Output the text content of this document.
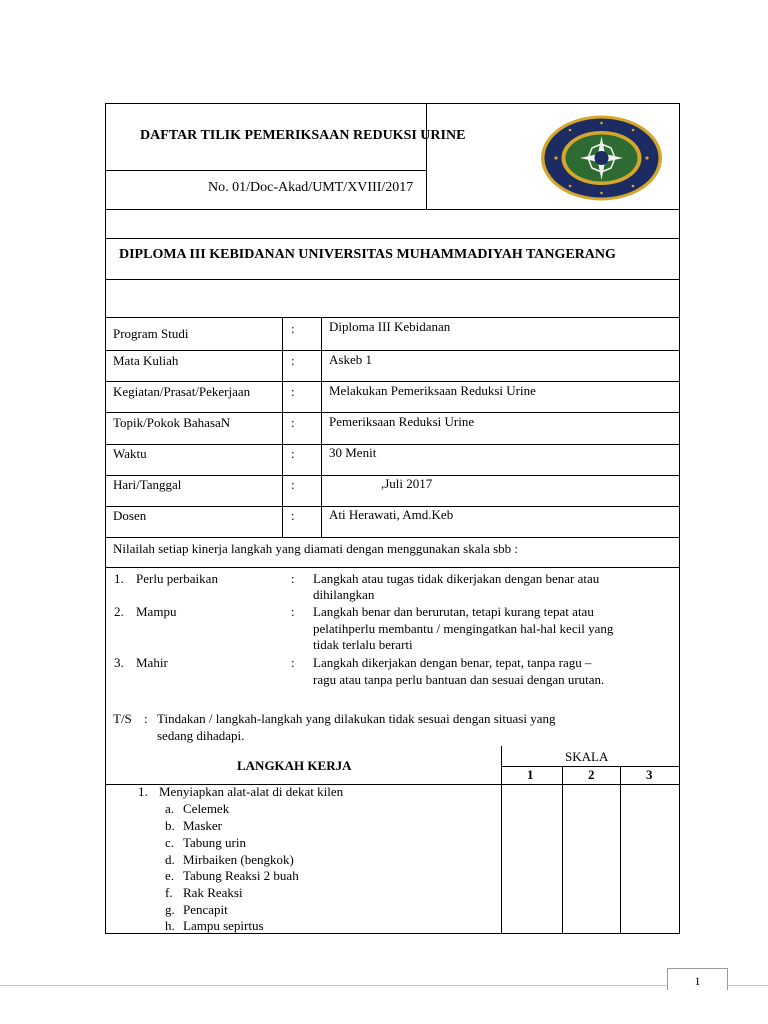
DAFTAR TILIK PEMERIKSAAN REDUKSI URINE
No. 01/Doc-Akad/UMT/XVIII/2017
DIPLOMA III KEBIDANAN UNIVERSITAS MUHAMMADIYAH TANGERANG
Program Studi	:	Diploma III Kebidanan
Mata Kuliah	:	Askeb 1
Kegiatan/Prasat/Pekerjaan	:	Melakukan Pemeriksaan Reduksi Urine
Topik/Pokok BahasaN	:	Pemeriksaan Reduksi Urine
Waktu	:	30 Menit
Hari/Tanggal	:	,Juli 2017
Dosen	:	Ati Herawati, Amd.Keb
Nilailah setiap kinerja langkah yang diamati dengan menggunakan skala sbb :
1. Perlu perbaikan	: Langkah atau tugas tidak dikerjakan dengan benar atau
dihilangkan
2. Mampu	: Langkah benar dan berurutan, tetapi kurang tepat atau
pelatihperlu membantu / mengingatkan hal-hal kecil yang
tidak terlalu berarti
3. Mahir	: Langkah dikerjakan dengan benar, tepat, tanpa ragu –
ragu atau tanpa perlu bantuan dan sesuai dengan urutan.
T/S : Tindakan / langkah-langkah yang dilakukan tidak sesuai dengan situasi yang
sedang dihadapi.
LANGKAH KERJA
SKALA
1	2	3
1. Menyiapkan alat-alat di dekat kilen
a. Celemek
b. Masker
c. Tabung urin
d. Mirbaiken (bengkok)
e. Tabung Reaksi 2 buah
f. Rak Reaksi
g. Pencapit
h. Lampu sepirtus
1
